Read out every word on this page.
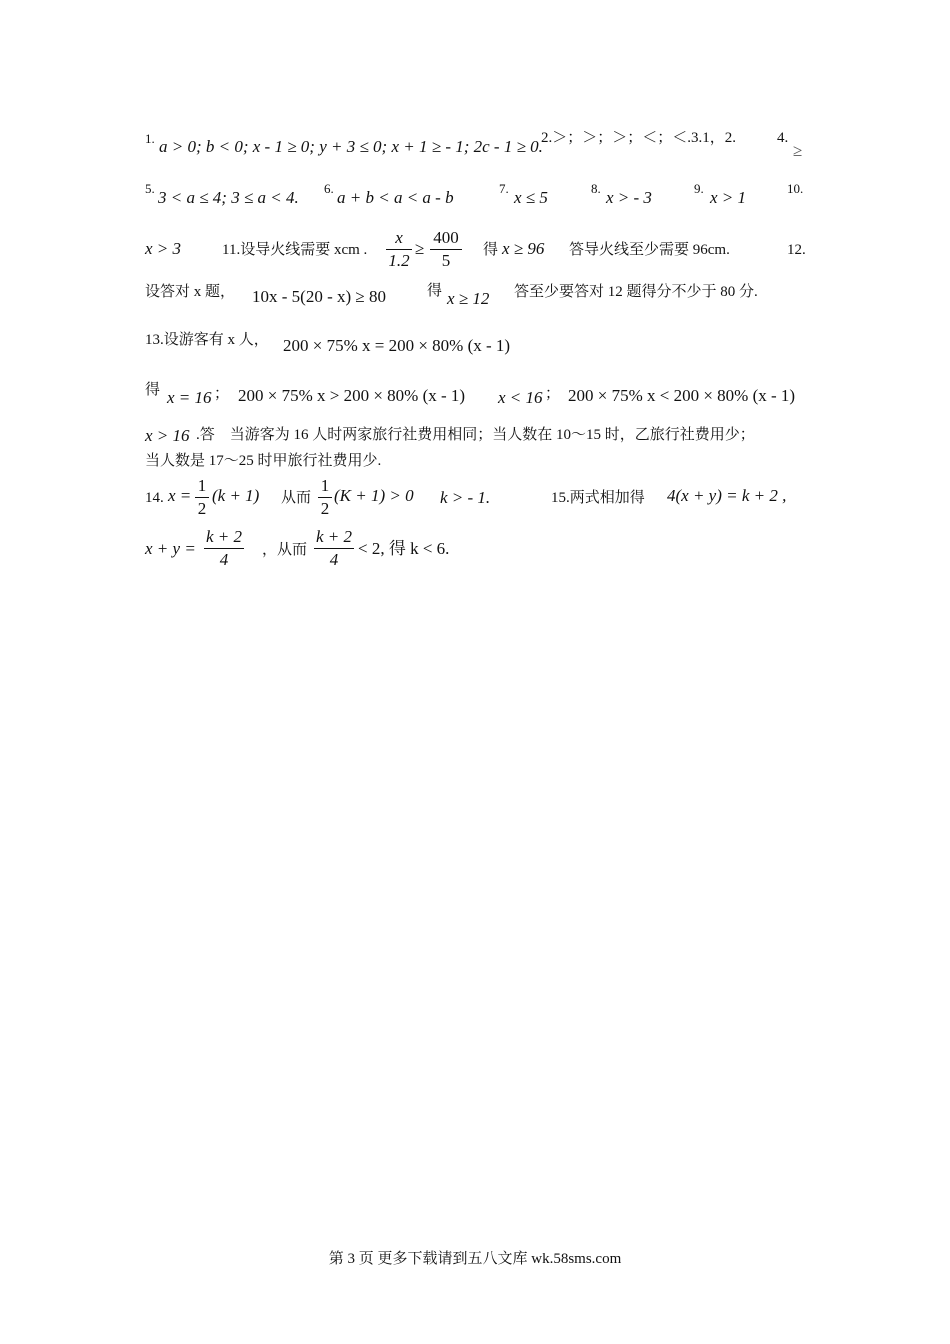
1. a > 0; b < 0; x - 1 ≥ 0; y + 3 ≤ 0; x + 1 ≥ - 1; 2c - 1 ≥ 0.
2.＞；＞；＞；＜；＜.3.1，2.	4.
≥
5. 3 < a ≤ 4; 3 ≤ a < 4. 6. a + b < a < a - b	7. x ≤ 5	8. x > - 3	9. x > 1	10.
x > 3	11.设导火线需要 xcm .
x
1.2
≥
400
5
得 x ≥ 96 答导火线至少需要 96cm.	12.
设答对 x 题， 10x - 5(20 - x) ≥ 80	得 x ≥ 12 答至少要答对 12 题得分不少于 80 分.
13.设游客有 x 人， 200 × 75% x = 200 × 80% (x - 1)
得 x = 16 ； 200 × 75% x > 200 × 80% (x - 1) x < 16 ； 200 × 75% x < 200 × 80% (x - 1)
x > 16 .答　当游客为 16 人时两家旅行社费用相同；当人数在 10～15 时，乙旅行社费用少；
当人数是 17～25 时甲旅行社费用少.
14. x =
1
2
(k + 1) 从而
1
2
(K + 1) > 0 k > - 1.	15.两式相加得 4(x + y) = k + 2 ,
x + y =
k + 2
4	，从而
k + 2
4
< 2, 得 k < 6.
第 3 页 更多下载请到五八文库 wk.58sms.com
